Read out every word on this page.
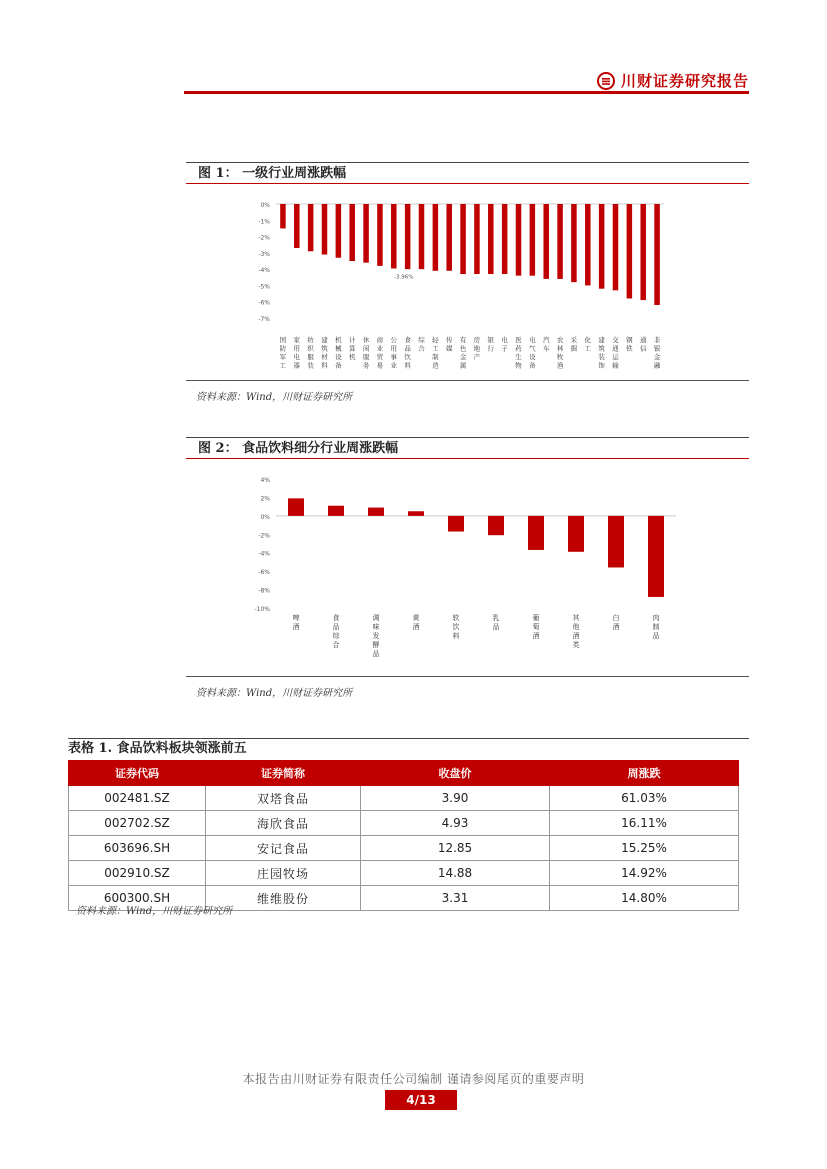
川财证券研究报告
图 1： 一级行业周涨跌幅
0%
-1%
-2%
-3%
-4%
-5%
-6%
-7%
国防军工
家用电器
纺织服装
建筑材料
机械设备
计算机
休闲服务
商业贸易
公用事业
食品饮料
综合
轻工制造
传媒
有色金属
房地产
银行
电子
医药生物
电气设备
汽车
农林牧渔
采掘
化工
建筑装饰
交通运输
钢铁
通信
非银金融
-3.96%
资料来源：Wind，川财证券研究所
图 2： 食品饮料细分行业周涨跌幅
4%
2%
0%
-2%
-4%
-6%
-8%
-10%
啤酒
食品综合
调味发酵品
黄酒
软饮料
乳品
葡萄酒
其他酒类
白酒
肉制品
资料来源：Wind，川财证券研究所
表格 1. 食品饮料板块领涨前五
证券代码	证券简称	收盘价	周涨跌
002481.SZ	双塔食品	3.90	61.03%
002702.SZ	海欣食品	4.93	16.11%
603696.SH	安记食品	12.85	15.25%
002910.SZ	庄园牧场	14.88	14.92%
600300.SH	维维股份	3.31	14.80%
资料来源：Wind，川财证券研究所
本报告由川财证券有限责任公司编制 谨请参阅尾页的重要声明
4/13
